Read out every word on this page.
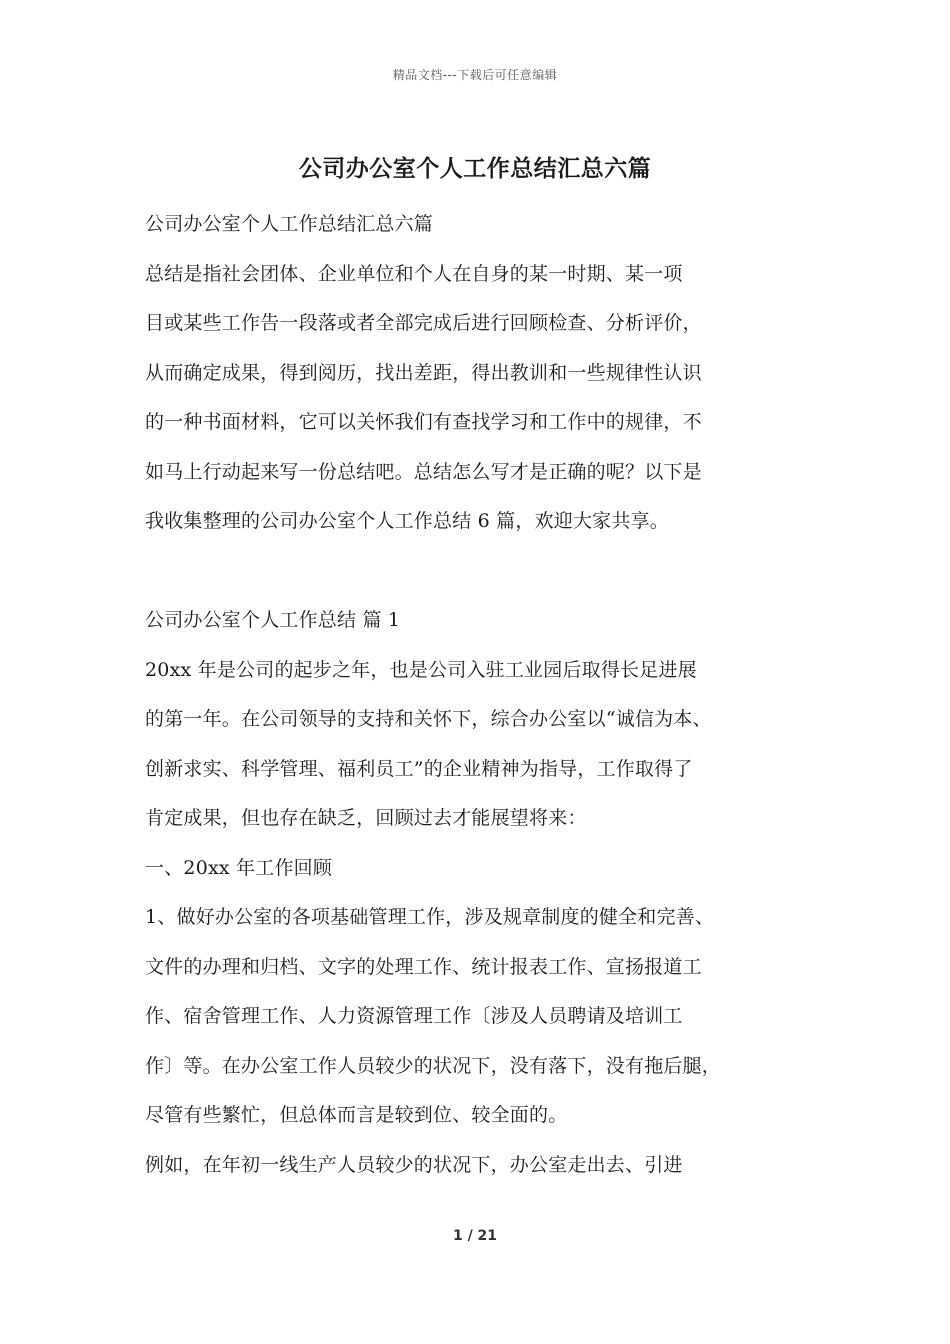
精品文档---下载后可任意编辑
公司办公室个人工作总结汇总六篇

公司办公室个人工作总结汇总六篇

总结是指社会团体、企业单位和个人在自身的某一时期、某一项

目或某些工作告一段落或者全部完成后进行回顾检查、分析评价，

从而确定成果，得到阅历，找出差距，得出教训和一些规律性认识

的一种书面材料，它可以关怀我们有查找学习和工作中的规律，不

如马上行动起来写一份总结吧。总结怎么写才是正确的呢？以下是

我收集整理的公司办公室个人工作总结 6 篇，欢迎大家共享。

公司办公室个人工作总结 篇 1

20xx 年是公司的起步之年，也是公司入驻工业园后取得长足进展

的第一年。在公司领导的支持和关怀下，综合办公室以“诚信为本、

创新求实、科学管理、福利员工”的企业精神为指导，工作取得了

肯定成果，但也存在缺乏，回顾过去才能展望将来：

一、20xx 年工作回顾

1、做好办公室的各项基础管理工作，涉及规章制度的健全和完善、

文件的办理和归档、文字的处理工作、统计报表工作、宣扬报道工

作、宿舍管理工作、人力资源管理工作〔涉及人员聘请及培训工

作〕等。在办公室工作人员较少的状况下，没有落下，没有拖后腿，

尽管有些繁忙，但总体而言是较到位、较全面的。

例如，在年初一线生产人员较少的状况下，办公室走出去、引进

1 / 21
